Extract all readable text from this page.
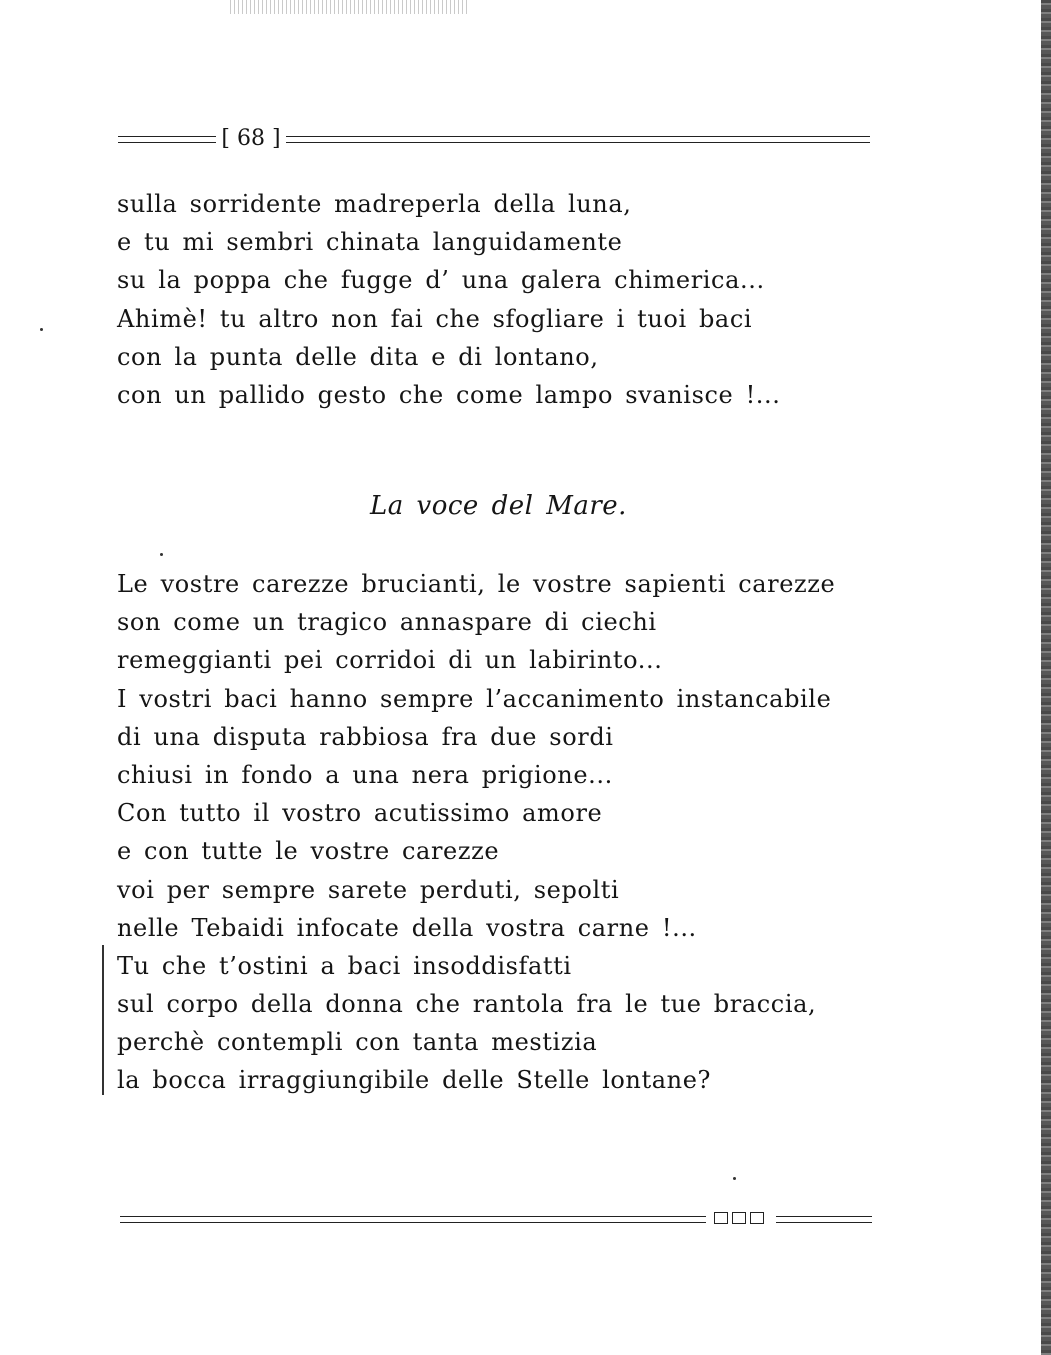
[ 68 ]
sulla sorridente madreperla della luna,
e tu mi sembri chinata languidamente
su la poppa che fugge d’ una galera chimerica...
Ahimè! tu altro non fai che sfogliare i tuoi baci
con la punta delle dita e di lontano,
con un pallido gesto che come lampo svanisce !...
La voce del Mare.
Le vostre carezze brucianti, le vostre sapienti carezze
son come un tragico annaspare di ciechi
remeggianti pei corridoi di un labirinto...
I vostri baci hanno sempre l’accanimento instancabile
di una disputa rabbiosa fra due sordi
chiusi in fondo a una nera prigione...
Con tutto il vostro acutissimo amore
e con tutte le vostre carezze
voi per sempre sarete perduti, sepolti
nelle Tebaidi infocate della vostra carne !...
Tu che t’ostini a baci insoddisfatti
sul corpo della donna che rantola fra le tue braccia,
perchè contempli con tanta mestizia
la bocca irraggiungibile delle Stelle lontane?
